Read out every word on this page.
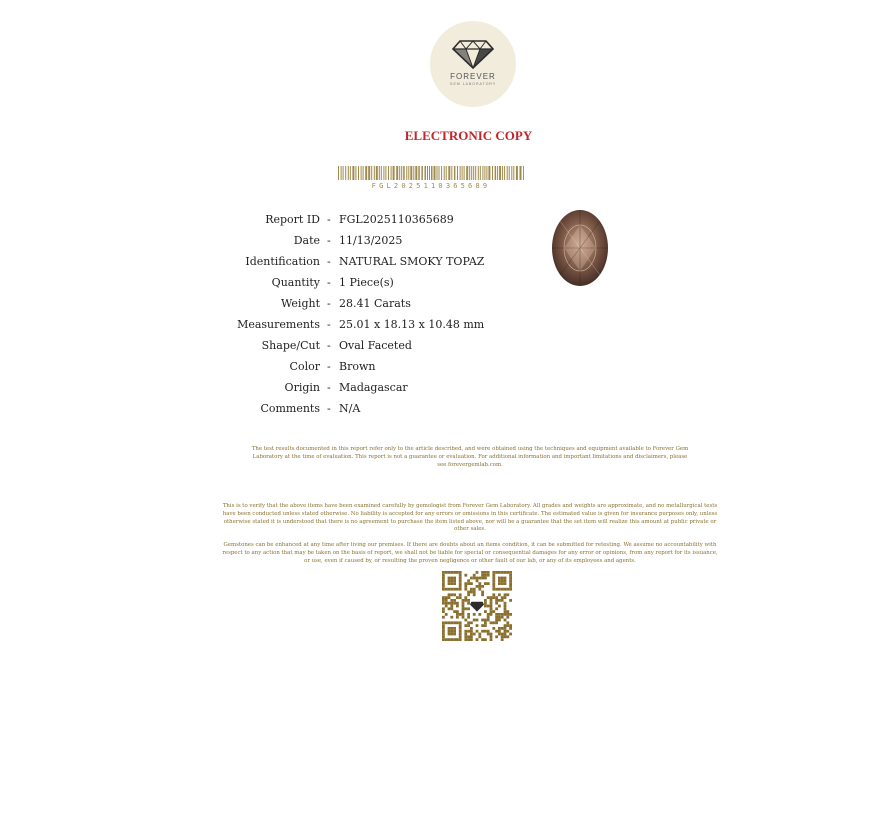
FOREVER
GEM LABORATORY
ELECTRONIC COPY
FGL2025110365689
Report ID - FGL2025110365689
Date - 11/13/2025
Identification - NATURAL SMOKY TOPAZ
Quantity - 1 Piece(s)
Weight - 28.41 Carats
Measurements - 25.01 x 18.13 x 10.48 mm
Shape/Cut - Oval Faceted
Color - Brown
Origin - Madagascar
Comments - N/A

The test results documented in this report refer only to the article described, and were obtained using the techniques and equipment available to Forever Gem Laboratory at the time of evaluation. This report is not a guarantee or evaluation. For additional information and important limitations and disclaimers, please see forevergemlab.com.

This is to verify that the above items have been examined carefully by gemologist from Forever Gem Laboratory. All grades and weights are approximate, and no metallurgical tests have been conducted unless stated otherwise. No liability is accepted for any errors or omissions in this certificate. The estimated value is given for insurance purposes only, unless otherwise stated it is understood that there is no agreement to purchase the item listed above, nor will be a guarantee that the set item will realize this amount at public private or other sales.

Gemstones can be enhanced at any time after living our premises. If there are doubts about an items condition, it can be submitted for retesting. We assume no accountability with respect to any action that may be taken on the basis of report, we shall not be liable for special or consequential damages for any error or opinions, from any report for its issuance, or use, even if caused by, or resulting the proven negligence or other fault of our lab, or any of its employees and agents.
